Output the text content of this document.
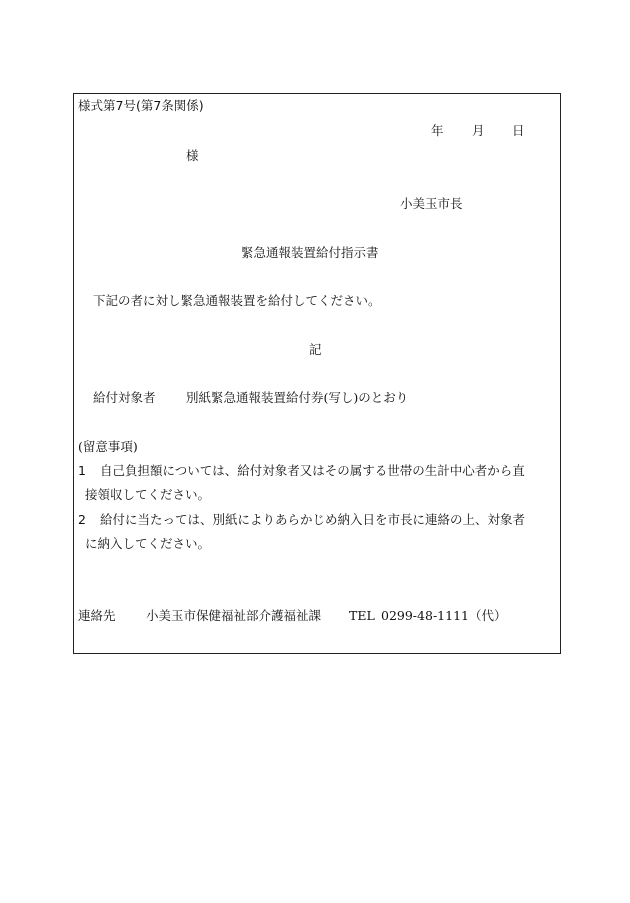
様式第7号(第7条関係)
年 月 日
様
小美玉市長
緊急通報装置給付指示書
下記の者に対し緊急通報装置を給付してください。
記
給付対象者 別紙緊急通報装置給付券(写し)のとおり
(留意事項)
1 自己負担額については、給付対象者又はその属する世帯の生計中心者から直
接領収してください。
2 給付に当たっては、別紙によりあらかじめ納入日を市長に連絡の上、対象者
に納入してください。
連絡先 小美玉市保健福祉部介護福祉課 TEL 0299-48-1111（代）
